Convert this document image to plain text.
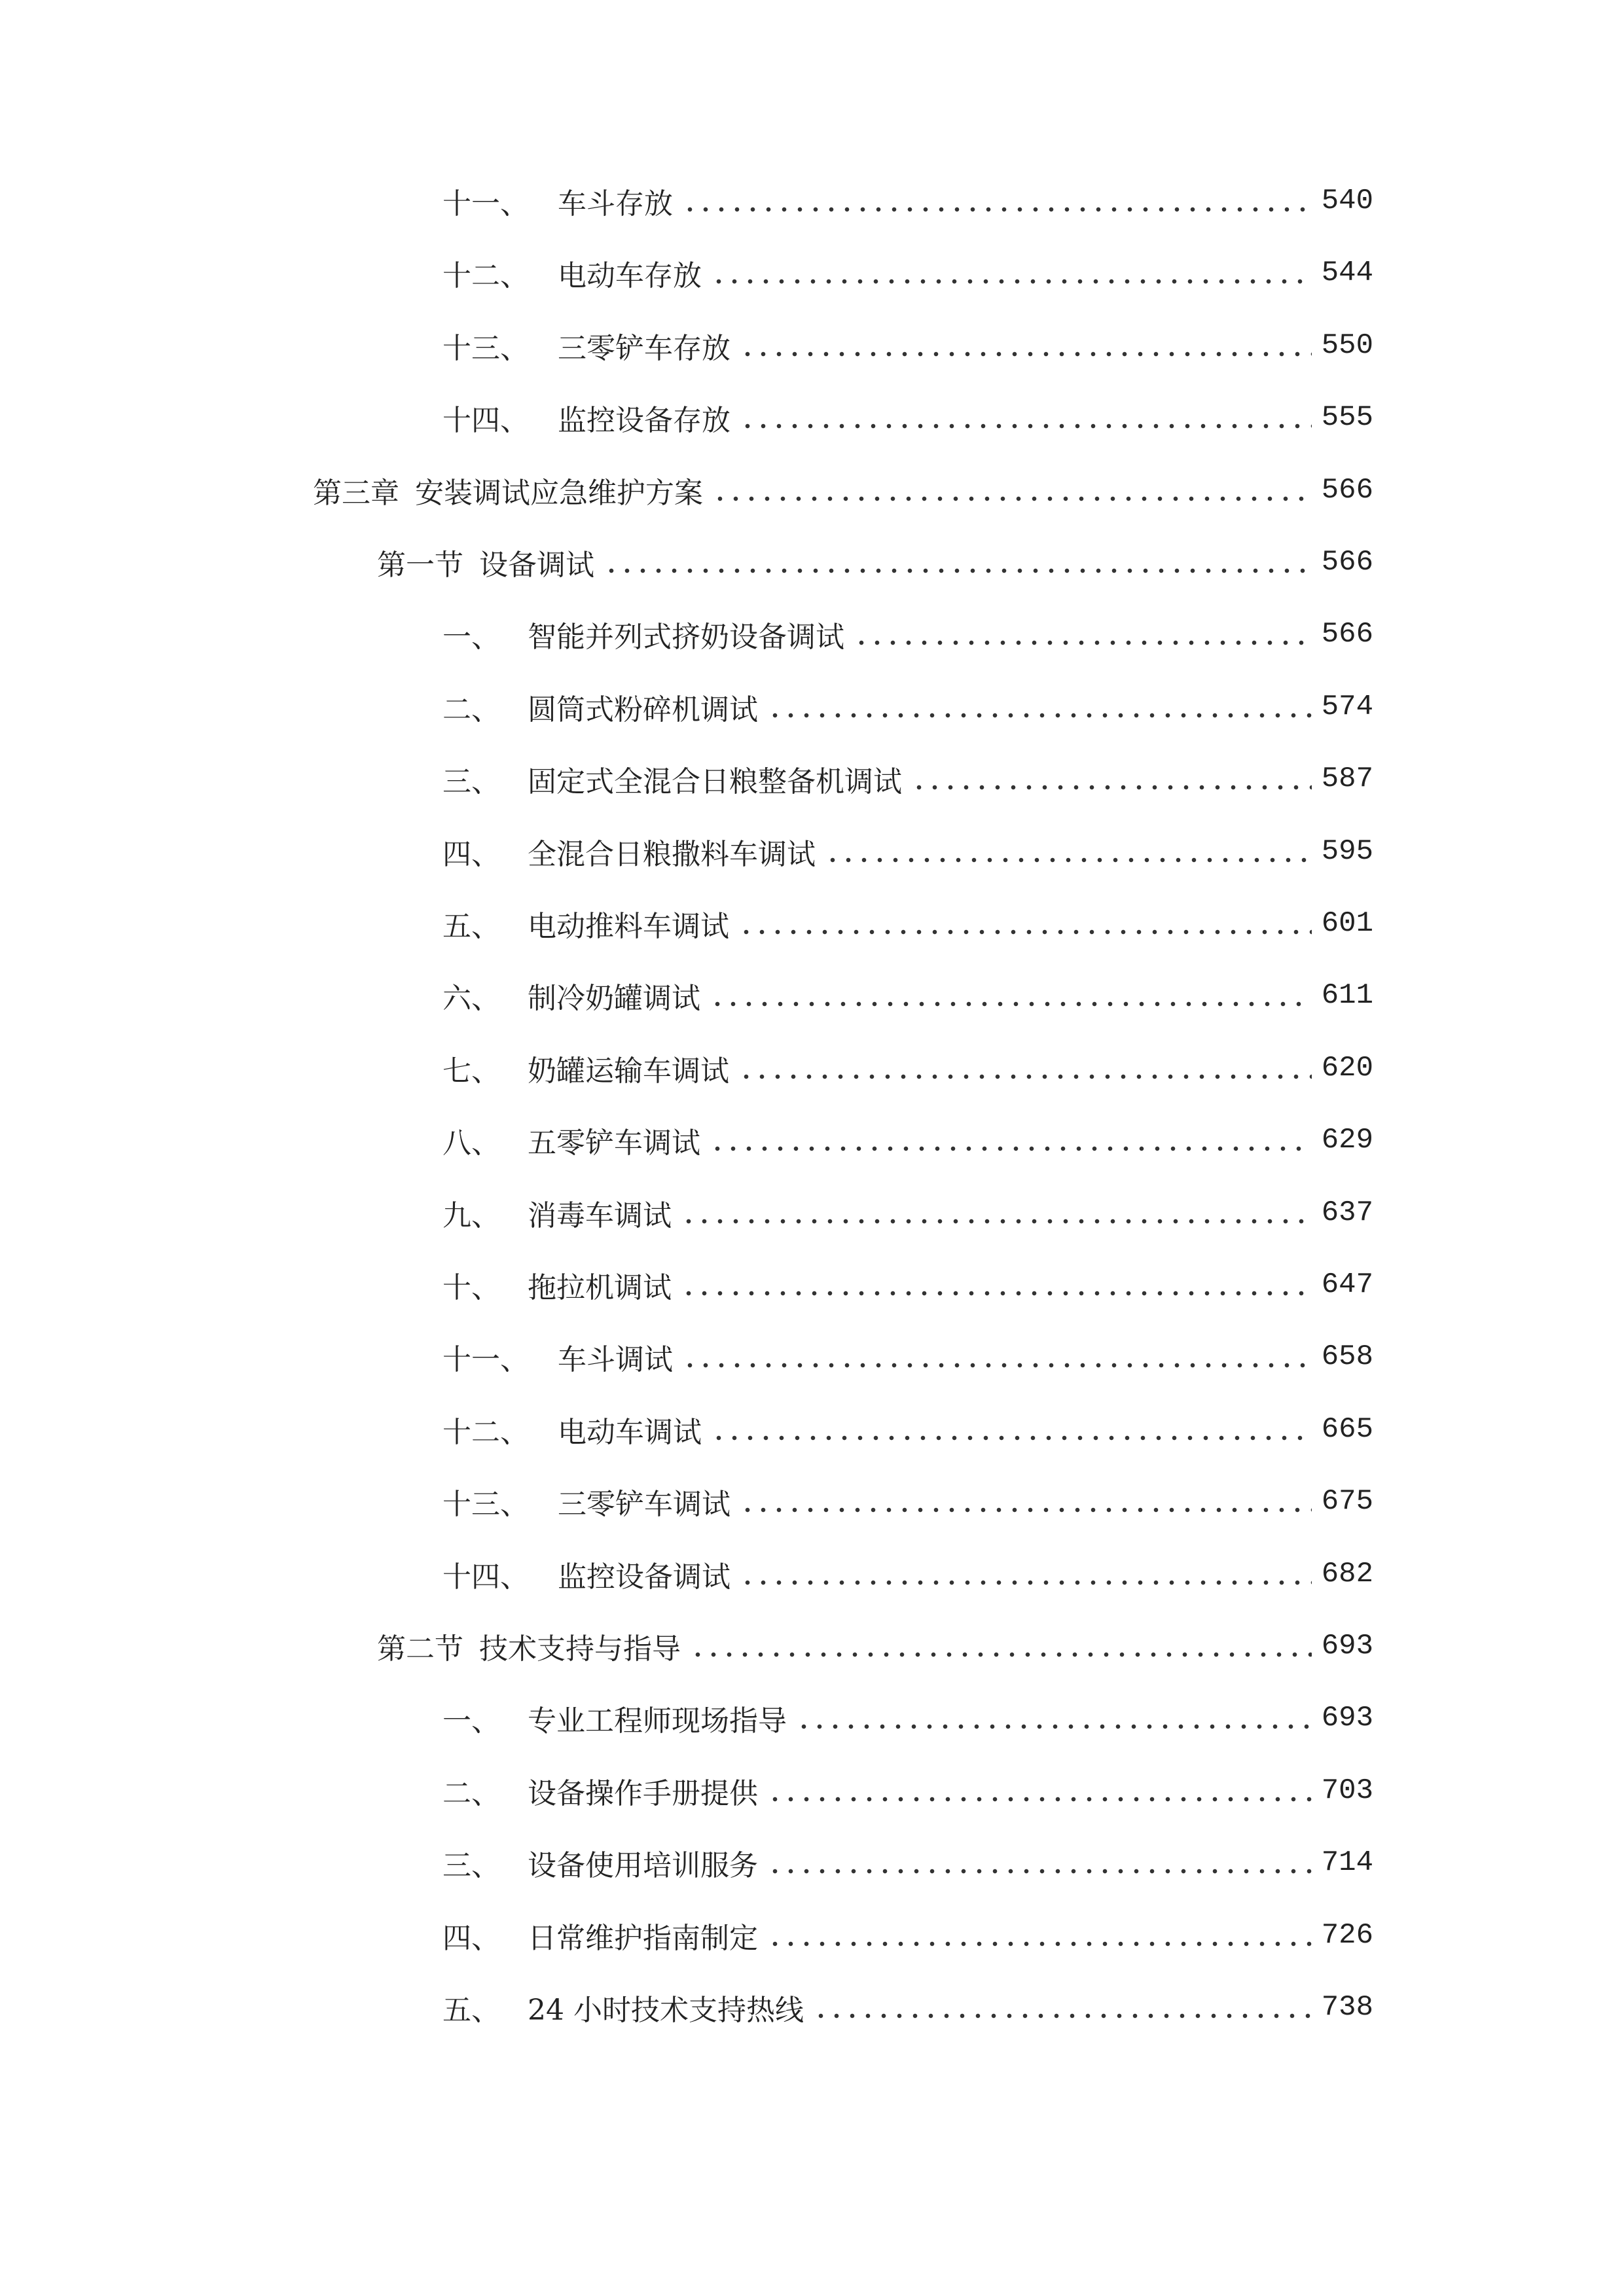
十一、	车斗存放	540
十二、	电动车存放	544
十三、	三零铲车存放	550
十四、	监控设备存放	555
第三章 安装调试应急维护方案	566
第一节 设备调试	566
一、 智能并列式挤奶设备调试	566
二、 圆筒式粉碎机调试	574
三、 固定式全混合日粮整备机调试	587
四、 全混合日粮撒料车调试	595
五、 电动推料车调试	601
六、 制冷奶罐调试	611
七、 奶罐运输车调试	620
八、 五零铲车调试	629
九、 消毒车调试	637
十、 拖拉机调试	647
十一、	车斗调试	658
十二、	电动车调试	665
十三、	三零铲车调试	675
十四、	监控设备调试	682
第二节 技术支持与指导	693
一、 专业工程师现场指导	693
二、 设备操作手册提供	703
三、 设备使用培训服务	714
四、 日常维护指南制定	726
五、 24 小时技术支持热线	738
